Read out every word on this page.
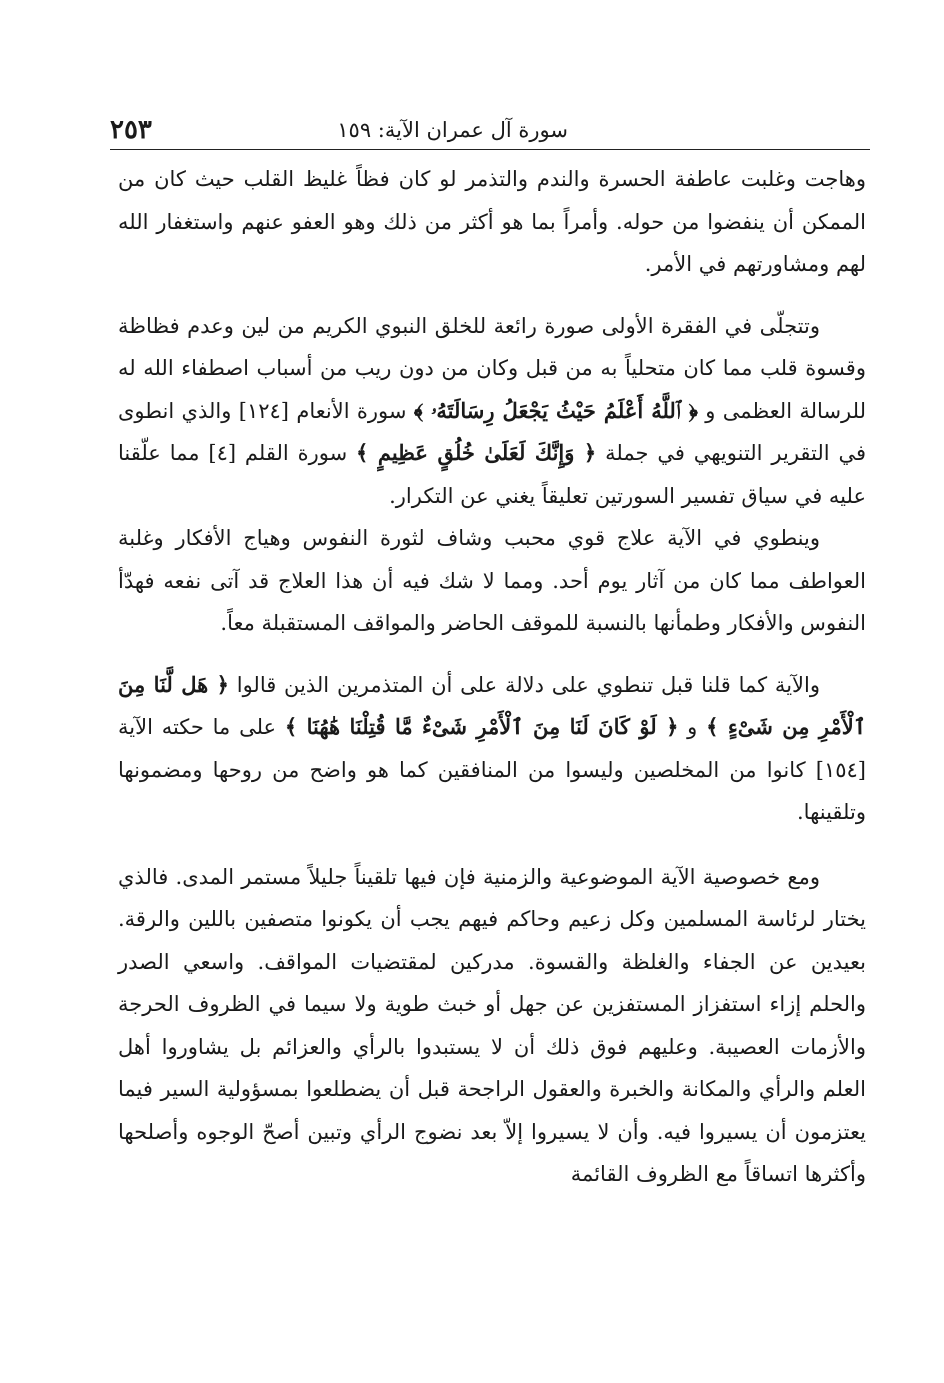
سورة آل عمران الآية: ١٥٩
٢٥٣

وهاجت وغلبت عاطفة الحسرة والندم والتذمر لو كان فظاً غليظ القلب حيث كان من الممكن أن ينفضوا من حوله. وأمراً بما هو أكثر من ذلك وهو العفو عنهم واستغفار الله لهم ومشاورتهم في الأمر.

وتتجلّى في الفقرة الأولى صورة رائعة للخلق النبوي الكريم من لين وعدم فظاظة وقسوة قلب مما كان متحلياً به من قبل وكان من دون ريب من أسباب اصطفاء الله له للرسالة العظمى و ﴿ ٱللَّهُ أَعْلَمُ حَيْثُ يَجْعَلُ رِسَالَتَهُۥ ﴾ سورة الأنعام [١٢٤] والذي انطوى في التقرير التنويهي في جملة ﴿ وَإِنَّكَ لَعَلَىٰ خُلُقٍ عَظِيمٍ ﴾ سورة القلم [٤] مما علّقنا عليه في سياق تفسير السورتين تعليقاً يغني عن التكرار.

وينطوي في الآية علاج قوي محبب وشاف لثورة النفوس وهياج الأفكار وغلبة العواطف مما كان من آثار يوم أحد. ومما لا شك فيه أن هذا العلاج قد آتى نفعه فهدّأ النفوس والأفكار وطمأنها بالنسبة للموقف الحاضر والمواقف المستقبلة معاً.

والآية كما قلنا قبل تنطوي على دلالة على أن المتذمرين الذين قالوا ﴿ هَل لَّنَا مِنَ ٱلْأَمْرِ مِن شَىْءٍ ﴾ و ﴿ لَوْ كَانَ لَنَا مِنَ ٱلْأَمْرِ شَىْءٌ مَّا قُتِلْنَا هَٰهُنَا ﴾ على ما حكته الآية [١٥٤] كانوا من المخلصين وليسوا من المنافقين كما هو واضح من روحها ومضمونها وتلقينها.

ومع خصوصية الآية الموضوعية والزمنية فإن فيها تلقيناً جليلاً مستمر المدى. فالذي يختار لرئاسة المسلمين وكل زعيم وحاكم فيهم يجب أن يكونوا متصفين باللين والرقة. بعيدين عن الجفاء والغلظة والقسوة. مدركين لمقتضيات المواقف. واسعي الصدر والحلم إزاء استفزاز المستفزين عن جهل أو خبث طوية ولا سيما في الظروف الحرجة والأزمات العصيبة. وعليهم فوق ذلك أن لا يستبدوا بالرأي والعزائم بل يشاوروا أهل العلم والرأي والمكانة والخبرة والعقول الراجحة قبل أن يضطلعوا بمسؤولية السير فيما يعتزمون أن يسيروا فيه. وأن لا يسيروا إلاّ بعد نضوج الرأي وتبين أصحّ الوجوه وأصلحها وأكثرها اتساقاً مع الظروف القائمة
